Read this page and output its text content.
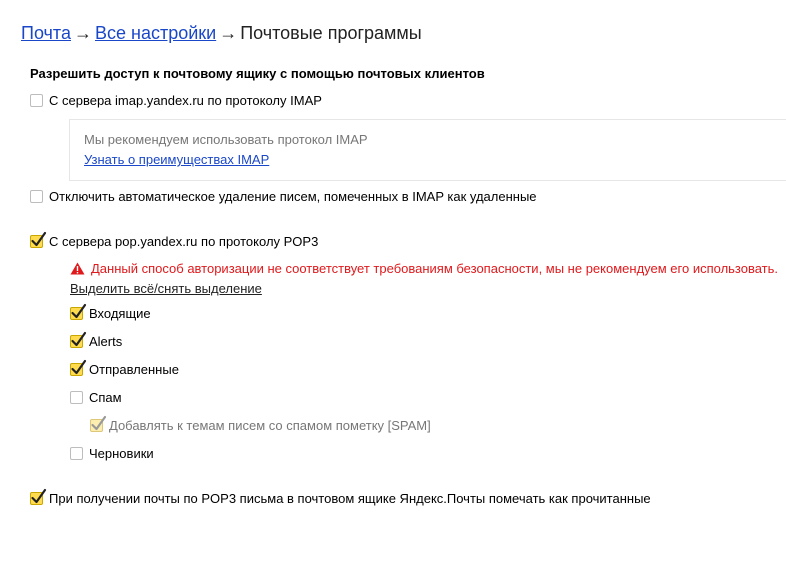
Почта → Все настройки → Почтовые программы
Разрешить доступ к почтовому ящику с помощью почтовых клиентов
С сервера imap.yandex.ru по протоколу IMAP
Мы рекомендуем использовать протокол IMAP
Узнать о преимуществах IMAP
Отключить автоматическое удаление писем, помеченных в IMAP как удаленные
С сервера pop.yandex.ru по протоколу POP3
Данный способ авторизации не соответствует требованиям безопасности, мы не рекомендуем его использовать.
Выделить всё/снять выделение
Входящие
Alerts
Отправленные
Спам
Добавлять к темам писем со спамом пометку [SPAM]
Черновики
При получении почты по POP3 письма в почтовом ящике Яндекс.Почты помечать как прочитанные
